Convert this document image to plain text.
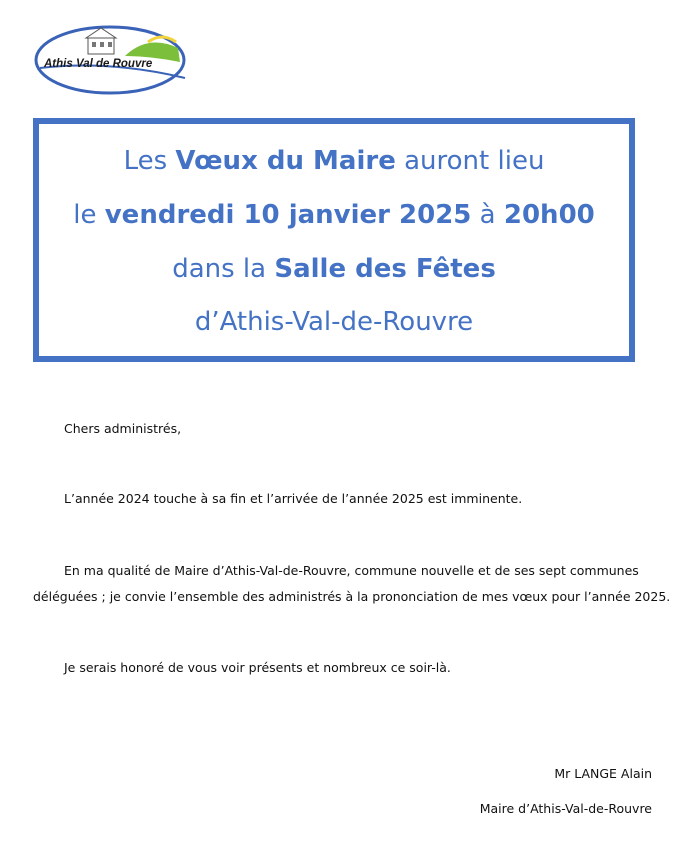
Athis Val de Rouvre
Les Vœux du Maire auront lieu
le vendredi 10 janvier 2025 à 20h00
dans la Salle des Fêtes
d’Athis-Val-de-Rouvre
Chers administrés,
L’année 2024 touche à sa fin et l’arrivée de l’année 2025 est imminente.
En ma qualité de Maire d’Athis-Val-de-Rouvre, commune nouvelle et de ses sept communes
déléguées ; je convie l’ensemble des administrés à la prononciation de mes vœux pour l’année 2025.
Je serais honoré de vous voir présents et nombreux ce soir-là.
Mr LANGE Alain
Maire d’Athis-Val-de-Rouvre
